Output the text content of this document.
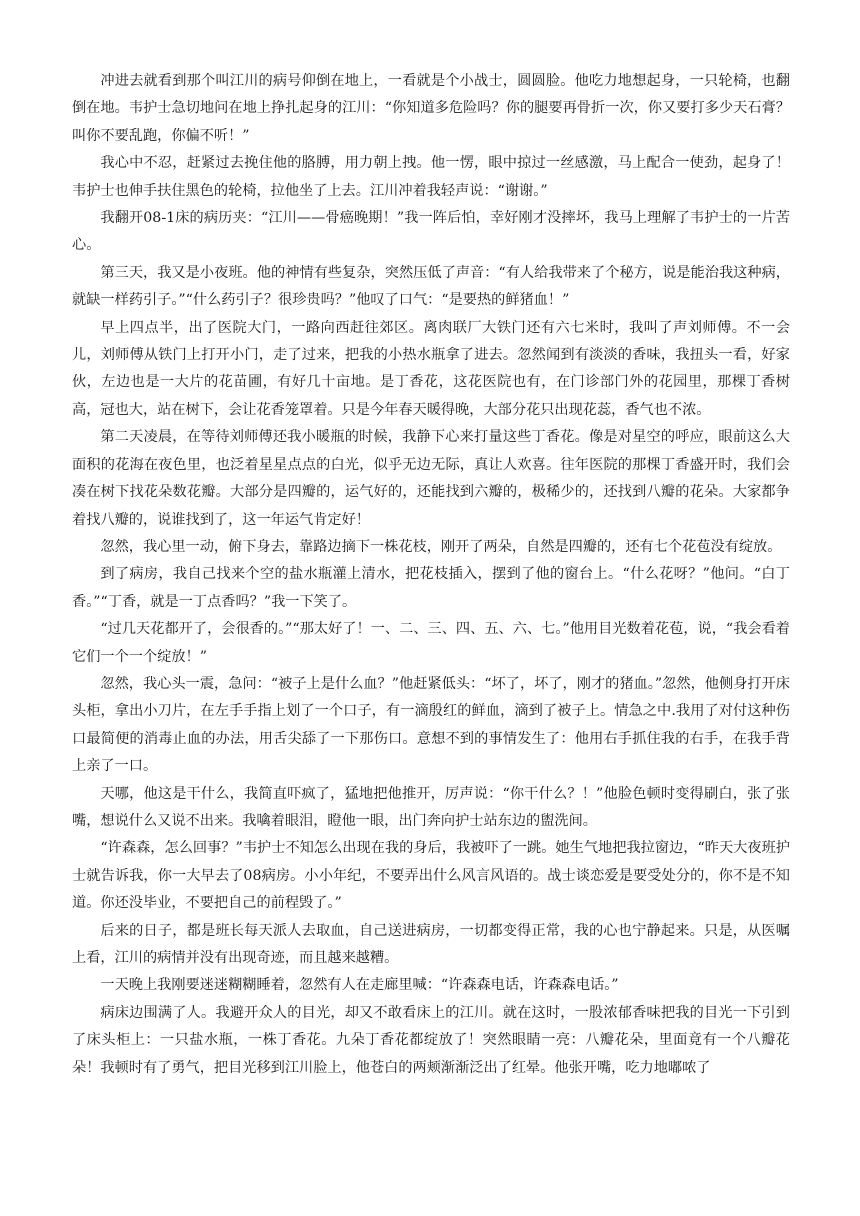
冲进去就看到那个叫江川的病号仰倒在地上，一看就是个小战士，圆圆脸。他吃力地想起身，一只轮椅，也翻倒在地。韦护士急切地问在地上挣扎起身的江川：“你知道多危险吗？你的腿要再骨折一次，你又要打多少天石膏？叫你不要乱跑，你偏不听！”

我心中不忍，赶紧过去挽住他的胳膊，用力朝上拽。他一愣，眼中掠过一丝感激，马上配合一使劲，起身了！韦护士也伸手扶住黑色的轮椅，拉他坐了上去。江川冲着我轻声说：“谢谢。”

我翻开08-1床的病历夹：“江川——骨癌晚期！”我一阵后怕，幸好刚才没摔坏，我马上理解了韦护士的一片苦心。

第三天，我又是小夜班。他的神情有些复杂，突然压低了声音：“有人给我带来了个秘方，说是能治我这种病，就缺一样药引子。”“什么药引子？很珍贵吗？”他叹了口气：“是要热的鲜猪血！”

早上四点半，出了医院大门，一路向西赶往郊区。离肉联厂大铁门还有六七米时，我叫了声刘师傅。不一会儿，刘师傅从铁门上打开小门，走了过来，把我的小热水瓶拿了进去。忽然闻到有淡淡的香味，我扭头一看，好家伙，左边也是一大片的花苗圃，有好几十亩地。是丁香花，这花医院也有，在门诊部门外的花园里，那棵丁香树高，冠也大，站在树下，会让花香笼罩着。只是今年春天暖得晚，大部分花只出现花蕊，香气也不浓。

第二天凌晨，在等待刘师傅还我小暖瓶的时候，我静下心来打量这些丁香花。像是对星空的呼应，眼前这么大面积的花海在夜色里，也泛着星星点点的白光，似乎无边无际，真让人欢喜。往年医院的那棵丁香盛开时，我们会凑在树下找花朵数花瓣。大部分是四瓣的，运气好的，还能找到六瓣的，极稀少的，还找到八瓣的花朵。大家都争着找八瓣的，说谁找到了，这一年运气肯定好！

忽然，我心里一动，俯下身去，靠路边摘下一株花枝，刚开了两朵，自然是四瓣的，还有七个花苞没有绽放。

到了病房，我自己找来个空的盐水瓶灌上清水，把花枝插入，摆到了他的窗台上。“什么花呀？”他问。“白丁香。”“丁香，就是一丁点香吗？”我一下笑了。

“过几天花都开了，会很香的。”“那太好了！一、二、三、四、五、六、七。”他用目光数着花苞，说，“我会看着它们一个一个绽放！”

忽然，我心头一震，急问：“被子上是什么血？”他赶紧低头：“坏了，坏了，刚才的猪血。”忽然，他侧身打开床头柜，拿出小刀片，在左手手指上划了一个口子，有一滴殷红的鲜血，滴到了被子上。情急之中.我用了对付这种伤口最简便的消毒止血的办法，用舌尖舔了一下那伤口。意想不到的事情发生了：他用右手抓住我的右手，在我手背上亲了一口。

天哪，他这是干什么，我简直吓疯了，猛地把他推开，厉声说：“你干什么？！”他脸色顿时变得刷白，张了张嘴，想说什么又说不出来。我噙着眼泪，瞪他一眼，出门奔向护士站东边的盥洗间。

“许森森，怎么回事？”韦护士不知怎么出现在我的身后，我被吓了一跳。她生气地把我拉窗边，“昨天大夜班护士就告诉我，你一大早去了08病房。小小年纪，不要弄出什么风言风语的。战士谈恋爱是要受处分的，你不是不知道。你还没毕业，不要把自己的前程毁了。”

后来的日子，都是班长每天派人去取血，自己送进病房，一切都变得正常，我的心也宁静起来。只是，从医嘱上看，江川的病情并没有出现奇迹，而且越来越糟。

一天晚上我刚要迷迷糊糊睡着，忽然有人在走廊里喊：“许森森电话，许森森电话。”

病床边围满了人。我避开众人的目光，却又不敢看床上的江川。就在这时，一股浓郁香味把我的目光一下引到了床头柜上：一只盐水瓶，一株丁香花。九朵丁香花都绽放了！突然眼睛一亮：八瓣花朵，里面竟有一个八瓣花朵！我顿时有了勇气，把目光移到江川脸上，他苍白的两颊渐渐泛出了红晕。他张开嘴，吃力地嘟哝了
